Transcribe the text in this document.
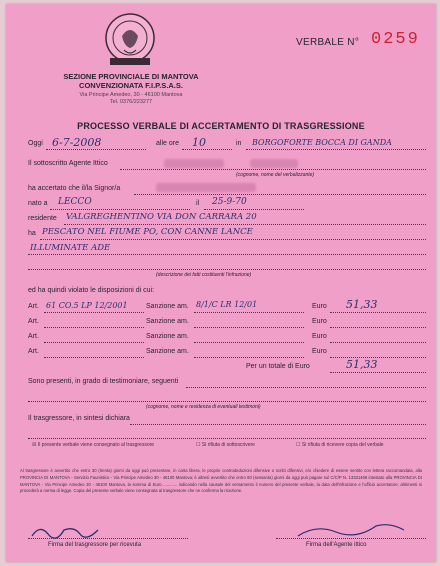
VERBALE N° 0259
SEZIONE PROVINCIALE DI MANTOVA
CONVENZIONATA F.I.P.S.A.S.
Via Principe Amedeo, 30 - 46100 Mantova
Tel. 0376/223277
PROCESSO VERBALE DI ACCERTAMENTO DI TRASGRESSIONE
Oggi 6-7-2008	alle ore 10	in BORGOFORTE BOCCA DI GANDA
Il sottoscritto Agente Ittico
(cognome, nome del verbalizzante)
ha accertato che il/la Signor/a
nato a LECCO	il 25-9-70
residente VALGREGHENTINO VIA DON CARRARA 20
ha PESCATO NEL FIUME PO, CON CANNE LANCE
ILLUMINATE ADE
(descrizione dei fatti costituenti l'infrazione)
ed ha quindi violato le disposizioni di cui:
Art. 61 CO.5 LP 12/2001	Sanzione am. 8/1/C LR 12/01	Euro 51,33
Art.	Sanzione am.	Euro
Art.	Sanzione am.	Euro
Art.	Sanzione am.	Euro
Per un totale di Euro	51,33
Sono presenti, in grado di testimoniare, seguenti
(cognome, nome e residenza di eventuali testimoni)
Il trasgressore, in sintesi dichiara
☒ Il presente verbale viene consegnato al trasgressore	☐ Si rifiuta di sottoscrivere	☐ Si rifiuta di ricevere copia del verbale
Al trasgressore è avvertito che entro 30 (trenta) giorni da oggi può presentare, in carta libera, le proprie controdeduzioni difensive o scritti difensivi, e/o chiedere di essere sentito con lettera raccomandata, alla PROVINCIA DI MANTOVA - Servizio Faunistico - Via Principe Amedeo 30 - 46100 Mantova; è altresì avvertito che entro 60 (sessanta) giorni da oggi può pagare sul C/C/P N. 13331468 intestato alla PROVINCIA DI MANTOVA - Via Principe Amedeo 30 - 46100 Mantova, la somma di Euro ............ indicando nella causale del versamento il numero del presente verbale, la data dell'infrazione e l'ufficio accertatore; altrimenti si procederà a norma di legge. Copia del presente verbale viene consegnata al trasgressore che ne conferma la ricezione.
Firma del trasgressore per ricevuta	Firma dell'Agente ittico
